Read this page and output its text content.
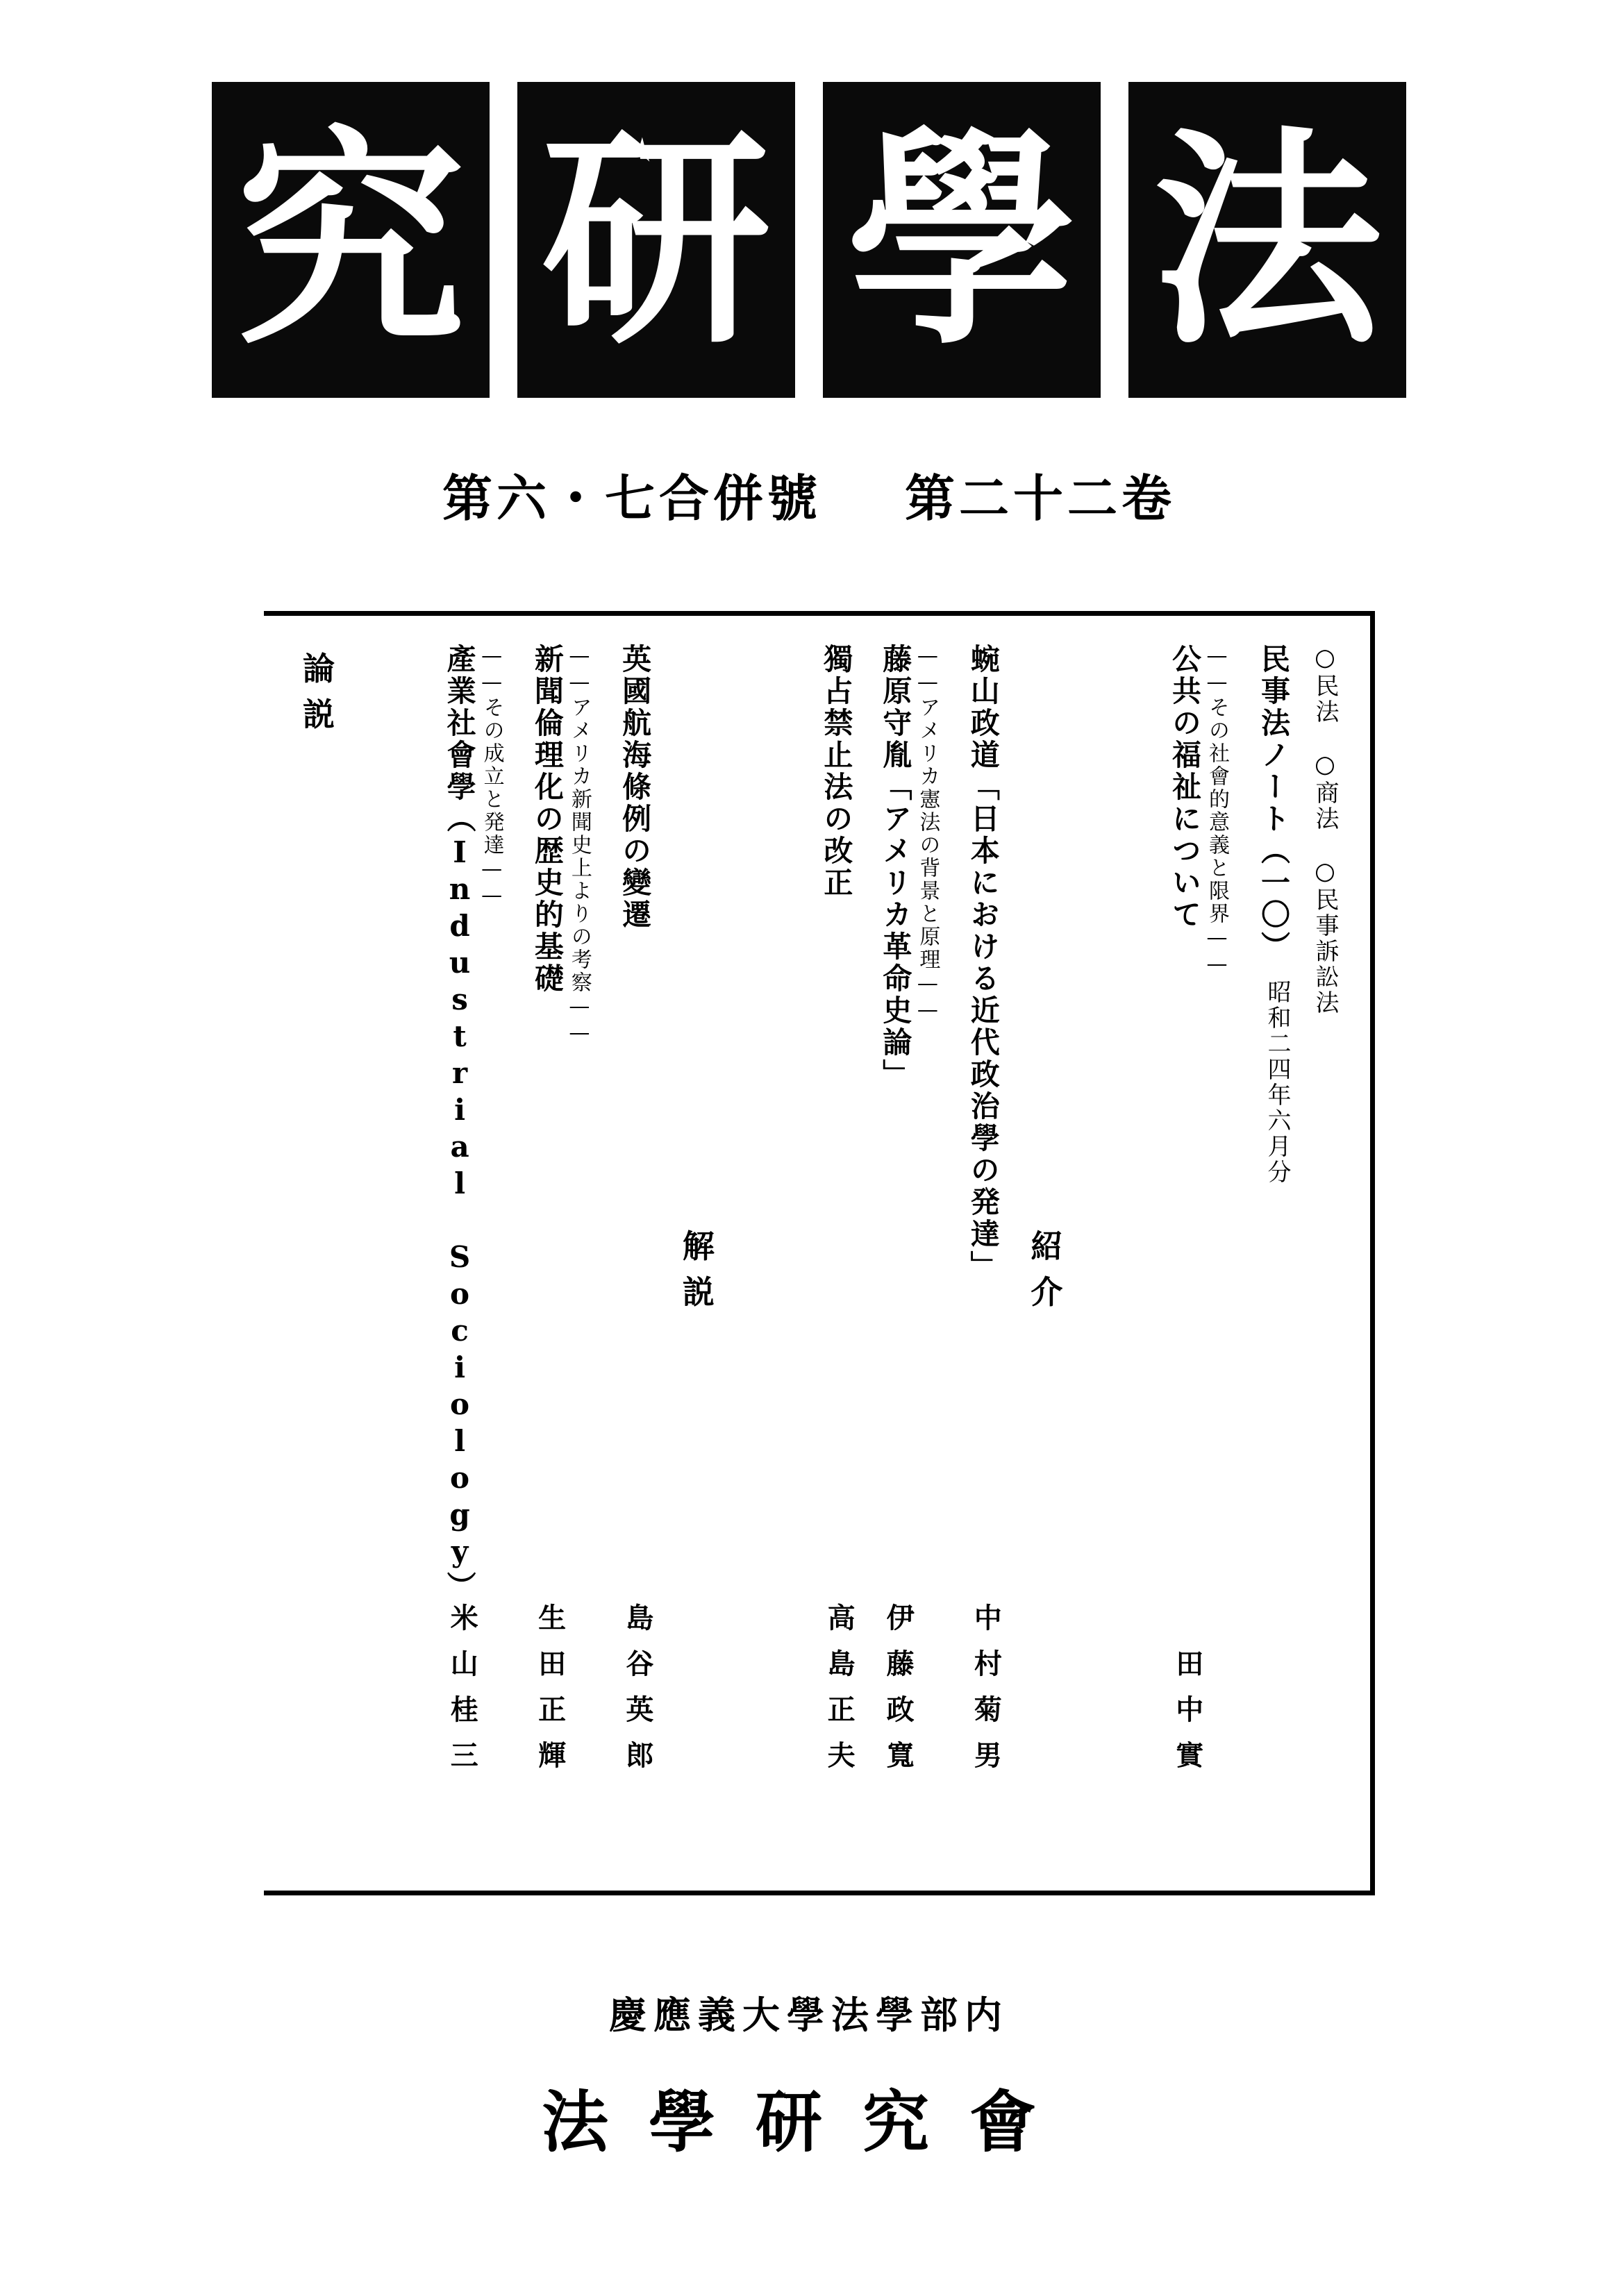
法
學
研
究
第二十二卷
第六・七合併號
論　説	產業社會學（Industrial Sociology） ——その成立と発達——
米山桂三
新聞倫理化の歴史的基礎 ——アメリカ新聞史上よりの考察——
生田正輝
英國航海條例の變遷
島谷英郎
解　説
獨占禁止法の改正
高島正夫
藤原守胤「アメリカ革命史論」 ——アメリカ憲法の背景と原理——
伊藤政寬
蜿山政道「日本における近代政治學の発達」
中村菊男
紹　介
公共の福祉について ——その社會的意義と限界——
田中實
民事法ノート（一〇）
昭和二四年六月分
○民法　○商法　○民事訴訟法
慶應義大學法學部内
法學研究會
